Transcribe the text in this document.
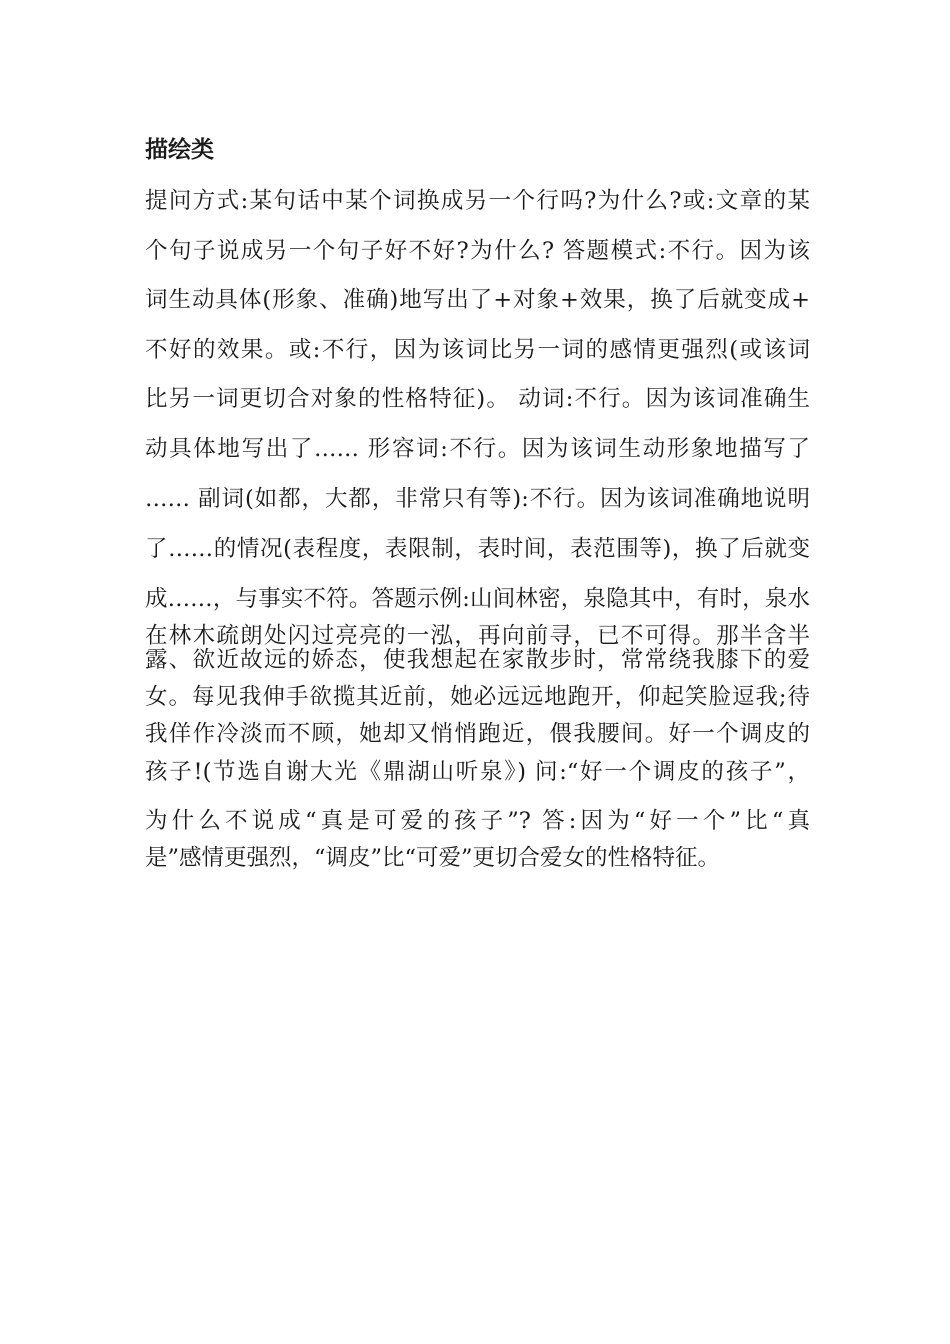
描绘类

提问方式:某句话中某个词换成另一个行吗?为什么?或:文章的某

个句子说成另一个句子好不好?为什么? 答题模式:不行。因为该

词生动具体(形象、准确)地写出了+对象+效果，换了后就变成+

不好的效果。或:不行，因为该词比另一词的感情更强烈(或该词

比另一词更切合对象的性格特征)。 动词:不行。因为该词准确生

动具体地写出了…… 形容词:不行。因为该词生动形象地描写了

…… 副词(如都，大都，非常只有等):不行。因为该词准确地说明

了……的情况(表程度，表限制，表时间，表范围等)，换了后就变

成……，与事实不符。答题示例:山间林密，泉隐其中，有时，泉水

在林木疏朗处闪过亮亮的一泓，再向前寻，已不可得。那半含半

露、欲近故远的娇态，使我想起在家散步时，常常绕我膝下的爱

女。每见我伸手欲揽其近前，她必远远地跑开，仰起笑脸逗我;待

我佯作冷淡而不顾，她却又悄悄跑近，偎我腰间。好一个调皮的

孩子!(节选自谢大光《鼎湖山听泉》) 问:“好一个调皮的孩子”，

为什么不说成“真是可爱的孩子”? 答:因为“好一个”比“真

是”感情更强烈，“调皮”比“可爱”更切合爱女的性格特征。
